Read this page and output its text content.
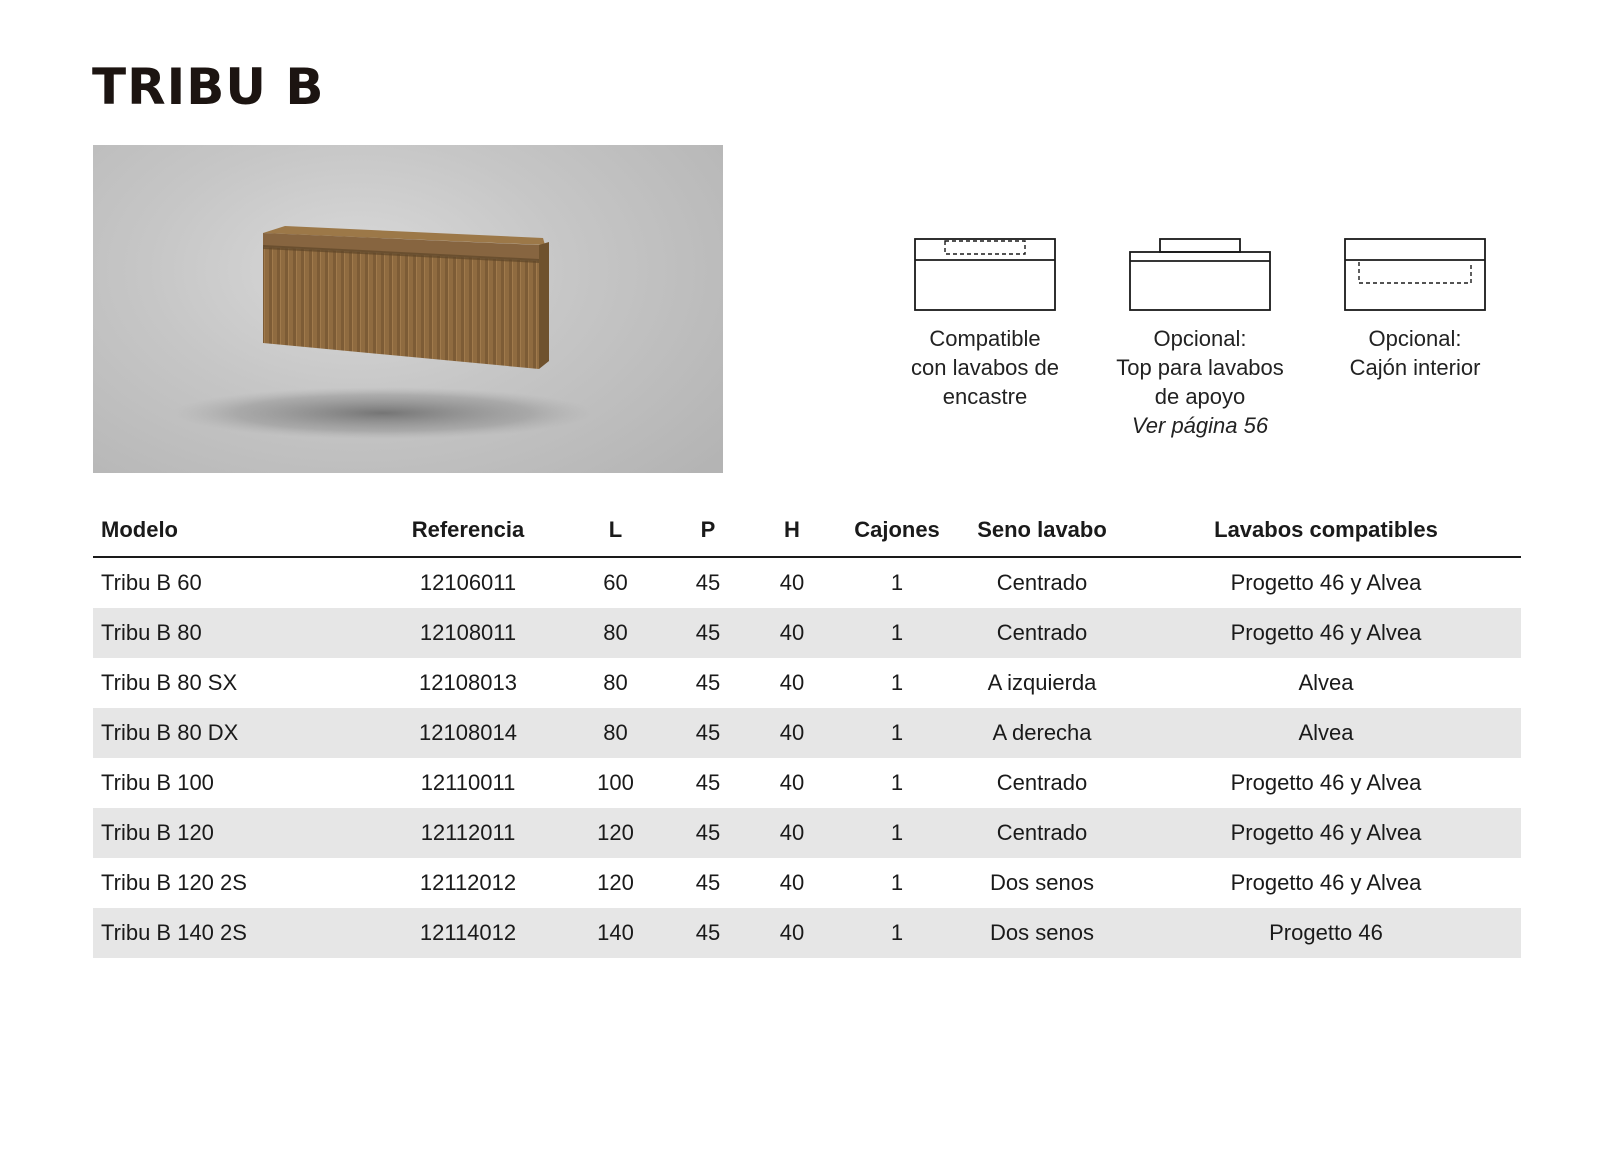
TRIBU B
Compatible
con lavabos de
encastre
Opcional:
Top para lavabos
de apoyo
Ver página 56
Opcional:
Cajón interior
Modelo	Referencia	L	P	H	Cajones	Seno lavabo	Lavabos compatibles
Tribu B 60	12106011	60	45	40	1	Centrado	Progetto 46 y Alvea
Tribu B 80	12108011	80	45	40	1	Centrado	Progetto 46 y Alvea
Tribu B 80 SX	12108013	80	45	40	1	A izquierda	Alvea
Tribu B 80 DX	12108014	80	45	40	1	A derecha	Alvea
Tribu B 100	12110011	100	45	40	1	Centrado	Progetto 46 y Alvea
Tribu B 120	12112011	120	45	40	1	Centrado	Progetto 46 y Alvea
Tribu B 120 2S	12112012	120	45	40	1	Dos senos	Progetto 46 y Alvea
Tribu B 140 2S	12114012	140	45	40	1	Dos senos	Progetto 46
